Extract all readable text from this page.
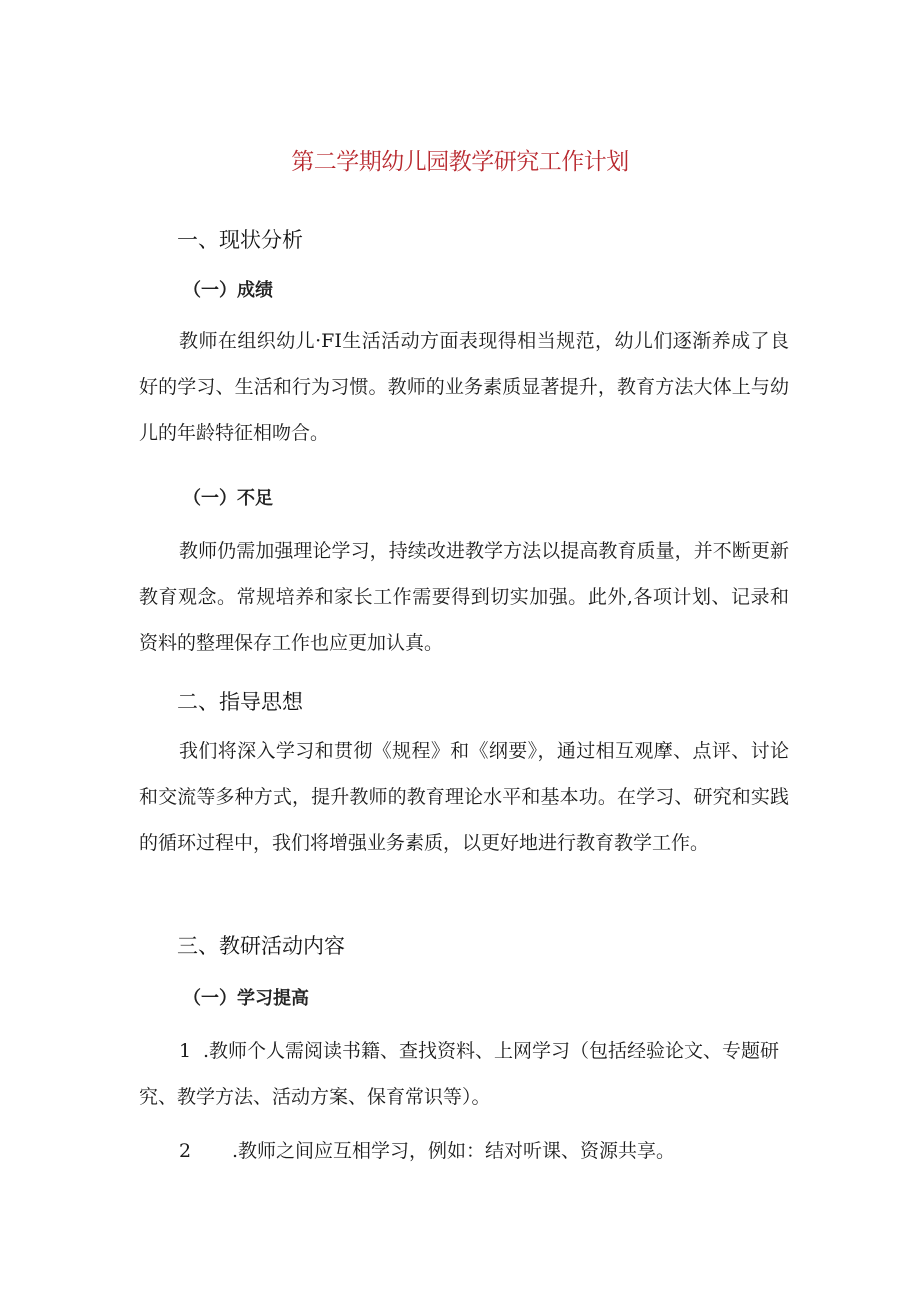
第二学期幼儿园教学研究工作计划
一、现状分析
（一）成绩

教师在组织幼儿·FI生活活动方面表现得相当规范，幼儿们逐渐养成了良好的学习、生活和行为习惯。教师的业务素质显著提升，教育方法大体上与幼儿的年龄特征相吻合。

（一）不足

教师仍需加强理论学习，持续改进教学方法以提高教育质量，并不断更新教育观念。常规培养和家长工作需要得到切实加强。此外,各项计划、记录和资料的整理保存工作也应更加认真。

二、指导思想

我们将深入学习和贯彻《规程》和《纲要》，通过相互观摩、点评、讨论和交流等多种方式，提升教师的教育理论水平和基本功。在学习、研究和实践的循环过程中，我们将增强业务素质，以更好地进行教育教学工作。

三、教研活动内容
（一）学习提高

1 .教师个人需阅读书籍、查找资料、上网学习（包括经验论文、专题研究、教学方法、活动方案、保育常识等）。

2 .教师之间应互相学习，例如：结对听课、资源共享。
